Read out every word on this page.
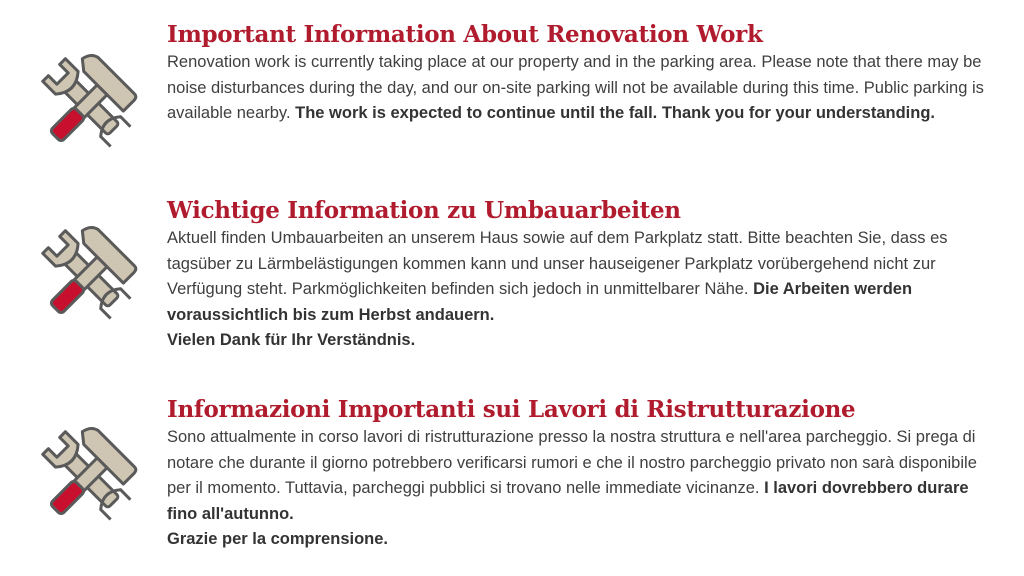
Important Information About Renovation Work

Renovation work is currently taking place at our property and in the parking area. Please note that there may be noise disturbances during the day, and our on-site parking will not be available during this time. Public parking is available nearby. The work is expected to continue until the fall. Thank you for your understanding.

Wichtige Information zu Umbauarbeiten

Aktuell finden Umbauarbeiten an unserem Haus sowie auf dem Parkplatz statt. Bitte beachten Sie, dass es tagsüber zu Lärmbelästigungen kommen kann und unser hauseigener Parkplatz vorübergehend nicht zur Verfügung steht. Parkmöglichkeiten befinden sich jedoch in unmittelbarer Nähe. Die Arbeiten werden voraussichtlich bis zum Herbst andauern.
Vielen Dank für Ihr Verständnis.

Informazioni Importanti sui Lavori di Ristrutturazione

Sono attualmente in corso lavori di ristrutturazione presso la nostra struttura e nell'area parcheggio. Si prega di notare che durante il giorno potrebbero verificarsi rumori e che il nostro parcheggio privato non sarà disponibile per il momento. Tuttavia, parcheggi pubblici si trovano nelle immediate vicinanze. I lavori dovrebbero durare fino all'autunno.
Grazie per la comprensione.
